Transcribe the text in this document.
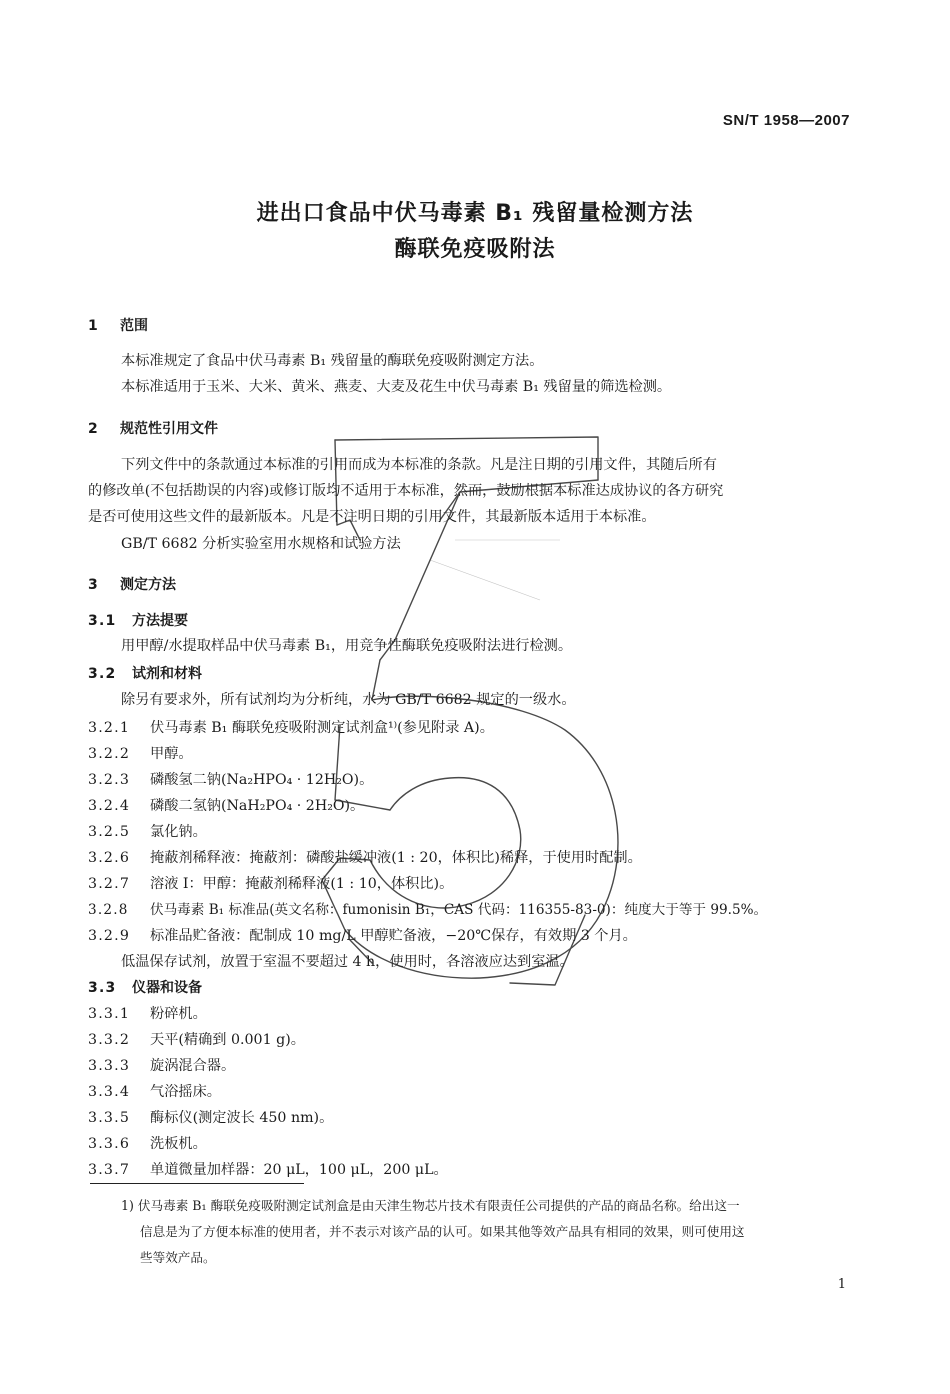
SN/T 1958—2007
进出口食品中伏马毒素 B₁ 残留量检测方法
酶联免疫吸附法
1 范围
本标准规定了食品中伏马毒素 B₁ 残留量的酶联免疫吸附测定方法。
本标准适用于玉米、大米、黄米、燕麦、大麦及花生中伏马毒素 B₁ 残留量的筛选检测。
2 规范性引用文件
下列文件中的条款通过本标准的引用而成为本标准的条款。凡是注日期的引用文件，其随后所有
的修改单(不包括勘误的内容)或修订版均不适用于本标准，然而，鼓励根据本标准达成协议的各方研究
是否可使用这些文件的最新版本。凡是不注明日期的引用文件，其最新版本适用于本标准。
GB/T 6682 分析实验室用水规格和试验方法
3 测定方法
3.1 方法提要
用甲醇/水提取样品中伏马毒素 B₁，用竞争性酶联免疫吸附法进行检测。
3.2 试剂和材料
除另有要求外，所有试剂均为分析纯，水为 GB/T 6682 规定的一级水。
3.2.1 伏马毒素 B₁ 酶联免疫吸附测定试剂盒¹⁾(参见附录 A)。
3.2.2 甲醇。
3.2.3 磷酸氢二钠(Na₂HPO₄ · 12H₂O)。
3.2.4 磷酸二氢钠(NaH₂PO₄ · 2H₂O)。
3.2.5 氯化钠。
3.2.6 掩蔽剂稀释液：掩蔽剂：磷酸盐缓冲液(1 : 20，体积比)稀释，于使用时配制。
3.2.7 溶液 Ⅰ：甲醇：掩蔽剂稀释液(1 : 10，体积比)。
3.2.8 伏马毒素 B₁ 标准品(英文名称：fumonisin B₁，CAS 代码：116355-83-0)：纯度大于等于 99.5%。
3.2.9 标准品贮备液：配制成 10 mg/L 甲醇贮备液，−20℃保存，有效期 3 个月。
低温保存试剂，放置于室温不要超过 4 h，使用时，各溶液应达到室温。
3.3 仪器和设备
3.3.1 粉碎机。
3.3.2 天平(精确到 0.001 g)。
3.3.3 旋涡混合器。
3.3.4 气浴摇床。
3.3.5 酶标仪(测定波长 450 nm)。
3.3.6 洗板机。
3.3.7 单道微量加样器：20 μL，100 μL，200 μL。
1) 伏马毒素 B₁ 酶联免疫吸附测定试剂盒是由天津生物芯片技术有限责任公司提供的产品的商品名称。给出这一
信息是为了方便本标准的使用者，并不表示对该产品的认可。如果其他等效产品具有相同的效果，则可使用这
些等效产品。
1
